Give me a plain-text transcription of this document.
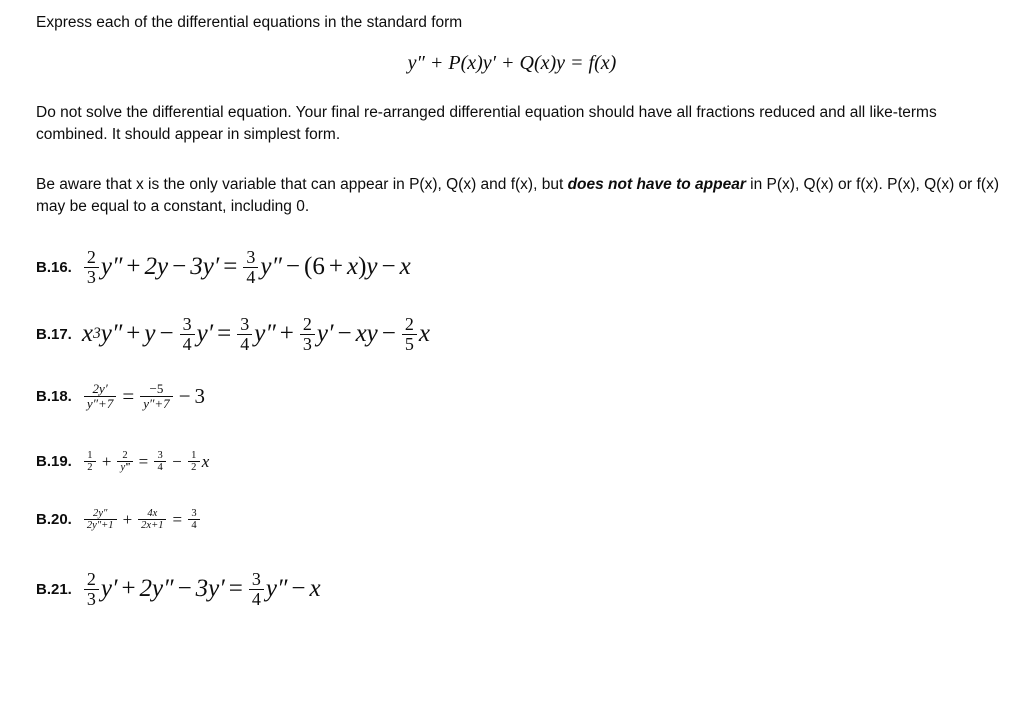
Express each of the differential equations in the standard form
y″ + P(x)y′ + Q(x)y = f(x)
Do not solve the differential equation. Your final re-arranged differential equation should have all fractions reduced and all like-terms combined. It should appear in simplest form.
Be aware that x is the only variable that can appear in P(x), Q(x) and f(x), but does not have to appear in P(x), Q(x) or f(x). P(x), Q(x) or f(x) may be equal to a constant, including 0.
B.16. $\frac{2}{3} y'' + 2y - 3y' = \frac{3}{4} y''$ − ( 6 + x ) y − x
B.17. x 3 $y'' + y - \frac{3}{4} y' = \frac{3}{4} y'' + \frac{2}{3} y'$ − xy − $\frac{2}{5}$ x
B.18. $\frac{2y'}{y''+7} = \frac{-5}{y''+7} - 3$
B.19. $\frac{1}{2} + \frac{2}{y‴} = \frac{3}{4} - \frac{1}{2}$ x
B.20. $\frac{2y''}{2y''+1} + \frac{4x}{2x+1} = \frac{3}{4}$
B.21. $\frac{2}{3} y' + 2y'' - 3y' = \frac{3}{4} y'' - x$
